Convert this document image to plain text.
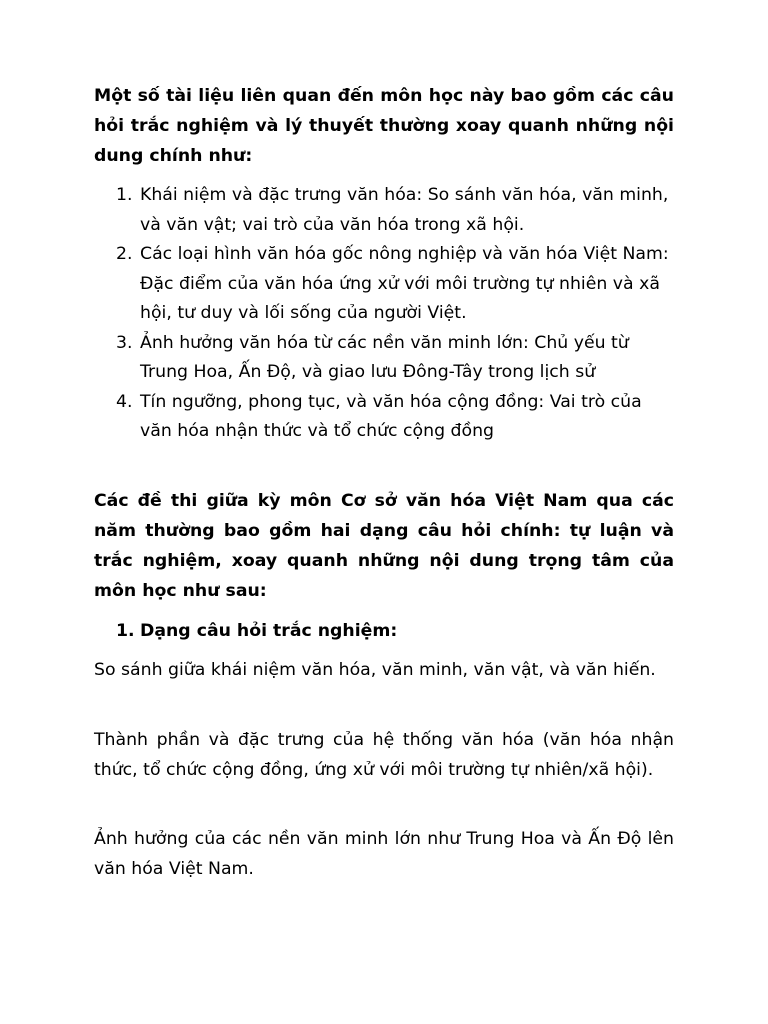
Một số tài liệu liên quan đến môn học này bao gồm các câu hỏi trắc nghiệm và lý thuyết thường xoay quanh những nội dung chính như:

1. Khái niệm và đặc trưng văn hóa: So sánh văn hóa, văn minh, và văn vật; vai trò của văn hóa trong xã hội.
2. Các loại hình văn hóa gốc nông nghiệp và văn hóa Việt Nam: Đặc điểm của văn hóa ứng xử với môi trường tự nhiên và xã hội, tư duy và lối sống của người Việt.
3. Ảnh hưởng văn hóa từ các nền văn minh lớn: Chủ yếu từ Trung Hoa, Ấn Độ, và giao lưu Đông-Tây trong lịch sử
4. Tín ngưỡng, phong tục, và văn hóa cộng đồng: Vai trò của văn hóa nhận thức và tổ chức cộng đồng

Các đề thi giữa kỳ môn Cơ sở văn hóa Việt Nam qua các năm thường bao gồm hai dạng câu hỏi chính: tự luận và trắc nghiệm, xoay quanh những nội dung trọng tâm của môn học như sau:

1. Dạng câu hỏi trắc nghiệm:

So sánh giữa khái niệm văn hóa, văn minh, văn vật, và văn hiến.

Thành phần và đặc trưng của hệ thống văn hóa (văn hóa nhận thức, tổ chức cộng đồng, ứng xử với môi trường tự nhiên/xã hội).

Ảnh hưởng của các nền văn minh lớn như Trung Hoa và Ấn Độ lên văn hóa Việt Nam.
